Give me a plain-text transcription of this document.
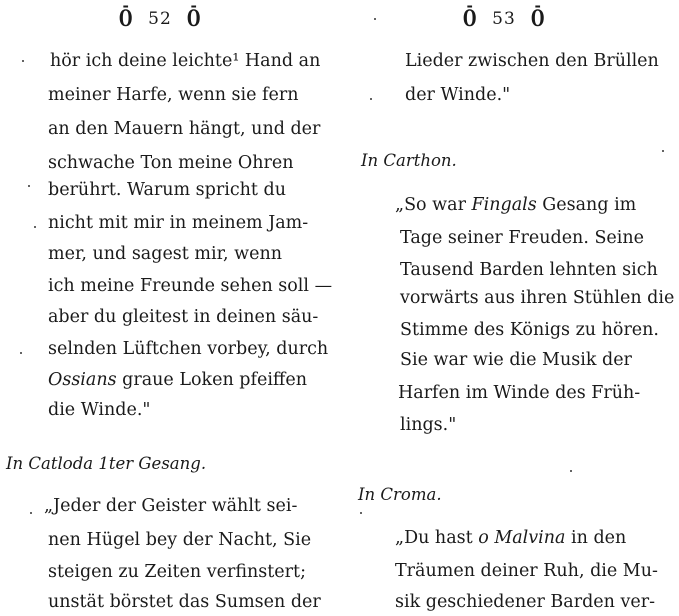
Ō 52 Ō
hör ich deine leichte¹ Hand an
meiner Harfe, wenn sie fern
an den Mauern hängt, und der
schwache Ton meine Ohren
berührt. Warum spricht du
nicht mit mir in meinem Jam-
mer, und sagest mir, wenn
ich meine Freunde sehen soll —
aber du gleitest in deinen säu-
selnden Lüftchen vorbey, durch
Ossians graue Loken pfeiffen
die Winde."
In Catloda 1ter Gesang.
„Jeder der Geister wählt sei-
nen Hügel bey der Nacht, Sie
steigen zu Zeiten verfinstert;
unstät börstet das Sumsen der
Ō 53 Ō
Lieder zwischen den Brüllen
der Winde."
In Carthon.
„So war Fingals Gesang im
Tage seiner Freuden. Seine
Tausend Barden lehnten sich
vorwärts aus ihren Stühlen die
Stimme des Königs zu hören.
Sie war wie die Musik der
Harfen im Winde des Früh-
lings."
In Croma.
„Du hast o Malvina in den
Träumen deiner Ruh, die Mu-
sik geschiedener Barden ver-
